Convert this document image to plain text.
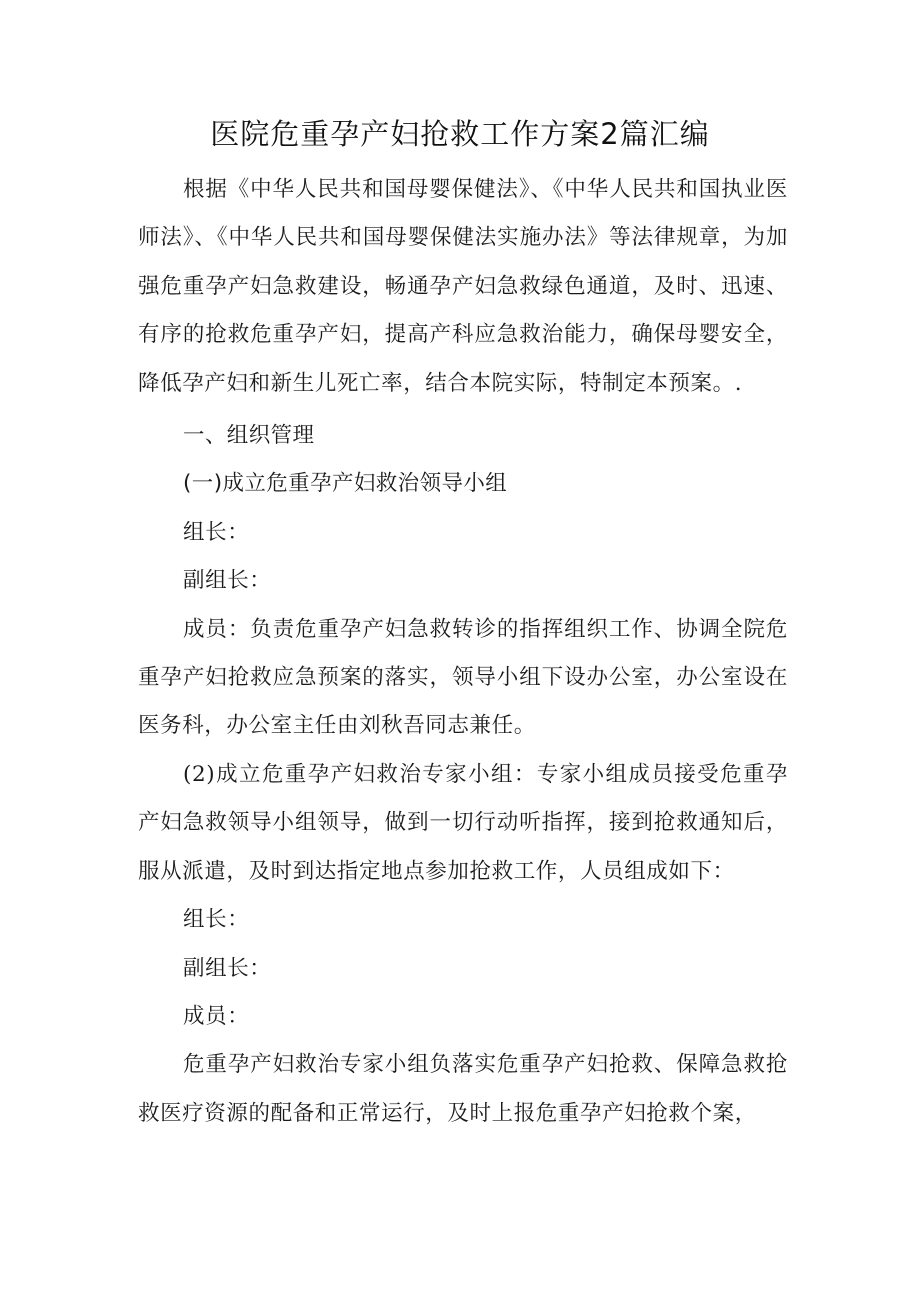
医院危重孕产妇抢救工作方案2篇汇编

根据《中华人民共和国母婴保健法》、《中华人民共和国执业医师法》、《中华人民共和国母婴保健法实施办法》等法律规章，为加强危重孕产妇急救建设，畅通孕产妇急救绿色通道，及时、迅速、有序的抢救危重孕产妇，提高产科应急救治能力，确保母婴安全，降低孕产妇和新生儿死亡率，结合本院实际，特制定本预案。.

一、组织管理

(一)成立危重孕产妇救治领导小组

组长：

副组长：

成员：负责危重孕产妇急救转诊的指挥组织工作、协调全院危重孕产妇抢救应急预案的落实，领导小组下设办公室，办公室设在医务科，办公室主任由刘秋吾同志兼任。

(2)成立危重孕产妇救治专家小组：专家小组成员接受危重孕产妇急救领导小组领导，做到一切行动听指挥，接到抢救通知后，服从派遣，及时到达指定地点参加抢救工作，人员组成如下：

组长：

副组长：

成员：

危重孕产妇救治专家小组负落实危重孕产妇抢救、保障急救抢救医疗资源的配备和正常运行，及时上报危重孕产妇抢救个案，
